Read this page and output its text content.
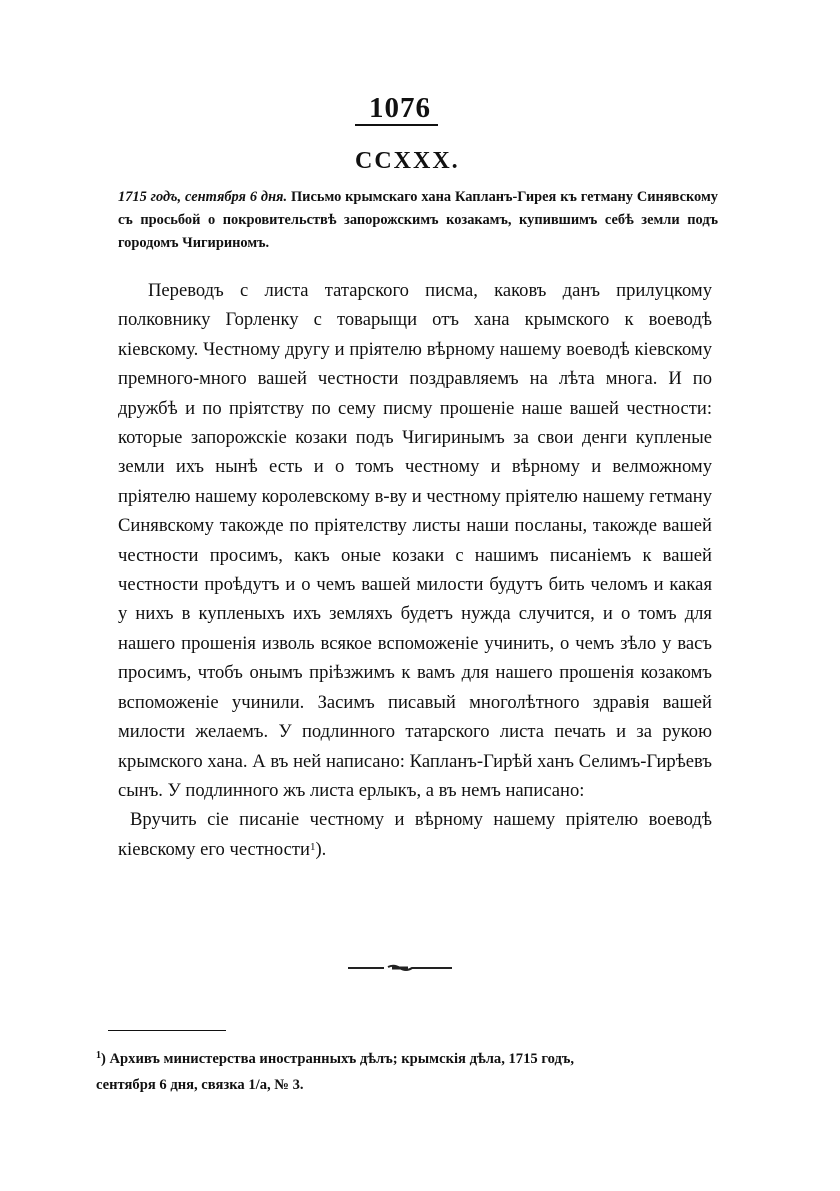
1076
CCXXX.
1715 годъ, сентября 6 дня. Письмо крымскаго хана Капланъ-Гирея къ гетману Синявскому съ просьбой о покровительствѣ запорожскимъ козакамъ, купившимъ себѣ земли подъ городомъ Чигириномъ.

Переводъ с листа татарского писма, каковъ данъ прилуцкому полковнику Горленку с товарыщи отъ хана крымского к воеводѣ кіевскому. Честному другу и пріятелю вѣрному нашему воеводѣ кіевскому премного-много вашей честности поздравляемъ на лѣта многа. И по дружбѣ и по пріятству по сему писму прошеніе наше вашей честности: которые запорожскіе козаки подъ Чигиринымъ за свои денги купленые земли ихъ нынѣ есть и о томъ честному и вѣрному и велможному пріятелю нашему королевскому в-ву и честному пріятелю нашему гетману Синявскому такожде по пріятелству листы наши посланы, такожде вашей честности просимъ, какъ оные козаки с нашимъ писаніемъ к вашей честности проѣдутъ и о чемъ вашей милости будутъ бить челомъ и какая у нихъ в купленыхъ ихъ земляхъ будетъ нужда случится, и о томъ для нашего прошенія изволь всякое вспоможеніе учинить, о чемъ зѣло у васъ просимъ, чтобъ онымъ пріѣзжимъ к вамъ для нашего прошенія козакомъ вспоможеніе учинили. Засимъ писавый многолѣтного здравія вашей милости желаемъ. У подлинного татарского листа печать и за рукою крымского хана. А въ ней написано: Капланъ-Гирѣй ханъ Селимъ-Гирѣевъ сынъ. У подлинного жъ листа ерлыкъ, а въ немъ написано:

Вручить сіе писаніе честному и вѣрному нашему пріятелю воеводѣ кіевскому его честности$^1$).

$^1$) Архивъ министерства иностранныхъ дѣлъ; крымскія дѣла, 1715 годъ,
сентября 6 дня, связка 1/а, № 3.
